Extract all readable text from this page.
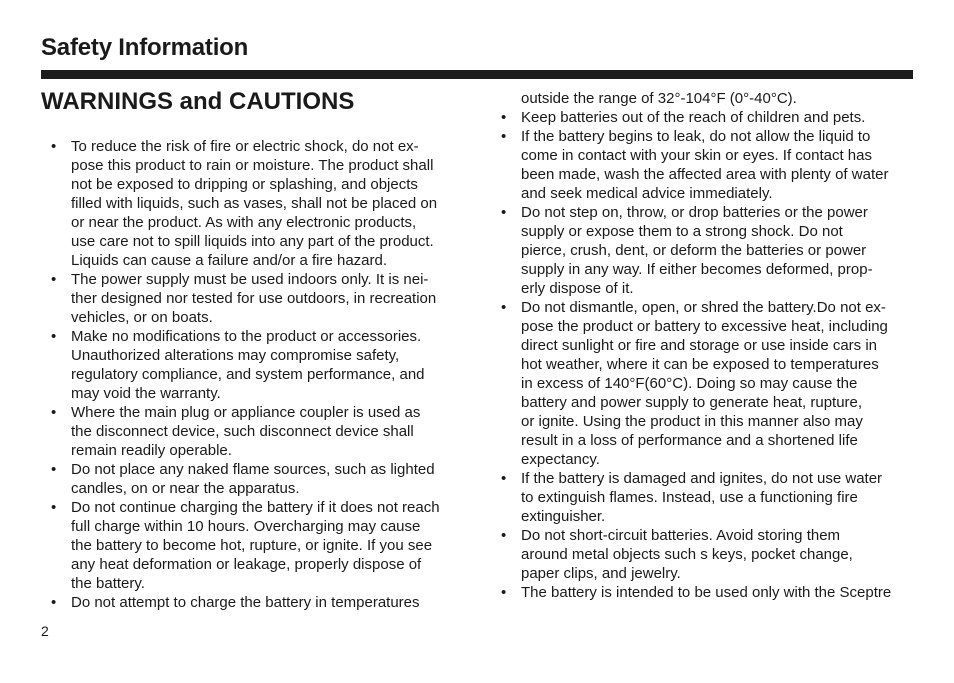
Safety Information
WARNINGS and CAUTIONS
• To reduce the risk of fire or electric shock, do not ex-
pose this product to rain or moisture. The product shall
not be exposed to dripping or splashing, and objects
filled with liquids, such as vases, shall not be placed on
or near the product. As with any electronic products,
use care not to spill liquids into any part of the product.
Liquids can cause a failure and/or a fire hazard.
• The power supply must be used indoors only. It is nei-
ther designed nor tested for use outdoors, in recreation
vehicles, or on boats.
• Make no modifications to the product or accessories.
Unauthorized alterations may compromise safety,
regulatory compliance, and system performance, and
may void the warranty.
• Where the main plug or appliance coupler is used as
the disconnect device, such disconnect device shall
remain readily operable.
• Do not place any naked flame sources, such as lighted
candles, on or near the apparatus.
• Do not continue charging the battery if it does not reach
full charge within 10 hours. Overcharging may cause
the battery to become hot, rupture, or ignite. If you see
any heat deformation or leakage, properly dispose of
the battery.
• Do not attempt to charge the battery in temperatures
outside the range of 32°-104°F (0°-40°C).
• Keep batteries out of the reach of children and pets.
• If the battery begins to leak, do not allow the liquid to
come in contact with your skin or eyes. If contact has
been made, wash the affected area with plenty of water
and seek medical advice immediately.
• Do not step on, throw, or drop batteries or the power
supply or expose them to a strong shock. Do not
pierce, crush, dent, or deform the batteries or power
supply in any way. If either becomes deformed, prop-
erly dispose of it.
• Do not dismantle, open, or shred the battery.Do not ex-
pose the product or battery to excessive heat, including
direct sunlight or fire and storage or use inside cars in
hot weather, where it can be exposed to temperatures
in excess of 140°F(60°C). Doing so may cause the
battery and power supply to generate heat, rupture,
or ignite. Using the product in this manner also may
result in a loss of performance and a shortened life
expectancy.
• If the battery is damaged and ignites, do not use water
to extinguish flames. Instead, use a functioning fire
extinguisher.
• Do not short-circuit batteries. Avoid storing them
around metal objects such s keys, pocket change,
paper clips, and jewelry.
• The battery is intended to be used only with the Sceptre
2
